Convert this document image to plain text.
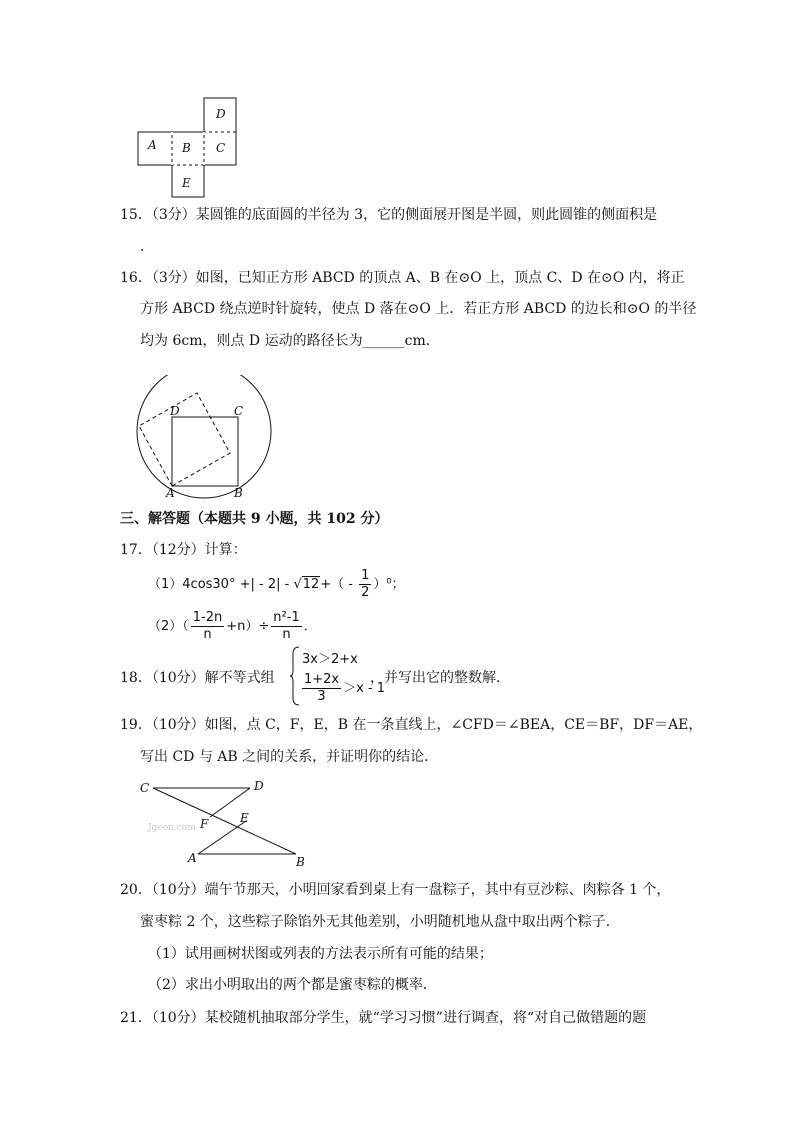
D
A B C
E
15．（3分）某圆锥的底面圆的半径为 3，它的侧面展开图是半圆，则此圆锥的侧面积是
．
16．（3分）如图，已知正方形 ABCD 的顶点 A、B 在⊙O 上，顶点 C、D 在⊙O 内，将正
方形 ABCD 绕点逆时针旋转，使点 D 落在⊙O 上．若正方形 ABCD 的边长和⊙O 的半径
均为 6cm，则点 D 运动的路径长为______cm．
D	C
A	B
三、解答题（本题共 9 小题，共 102 分）
17．（12分）计算：
（1）4cos30° +| - $2| - √12+( - \frac{1}{2} )^0$；
$(2)( \frac{1-2n}{n} +n)\div \frac{\text{n²-1}}{n}$ ．
18．（10分）解不等式组
3x＞2+x
$\frac{1+2x}{3} >x - 1$
，并写出它的整数解．
19．（10分）如图，点 C，F，E，B 在一条直线上，∠CFD＝∠BEA，CE＝BF，DF＝AE，
写出 CD 与 AB 之间的关系，并证明你的结论．
C	D
F	E
A	B
Jgeon.com
20．（10分）端午节那天，小明回家看到桌上有一盘粽子，其中有豆沙粽、肉粽各 1 个，
蜜枣粽 2 个，这些粽子除馅外无其他差别，小明随机地从盘中取出两个粽子．
（1）试用画树状图或列表的方法表示所有可能的结果；
（2）求出小明取出的两个都是蜜枣粽的概率．
21．（10分）某校随机抽取部分学生，就“学习习惯”进行调查，将“对自己做错题的题
